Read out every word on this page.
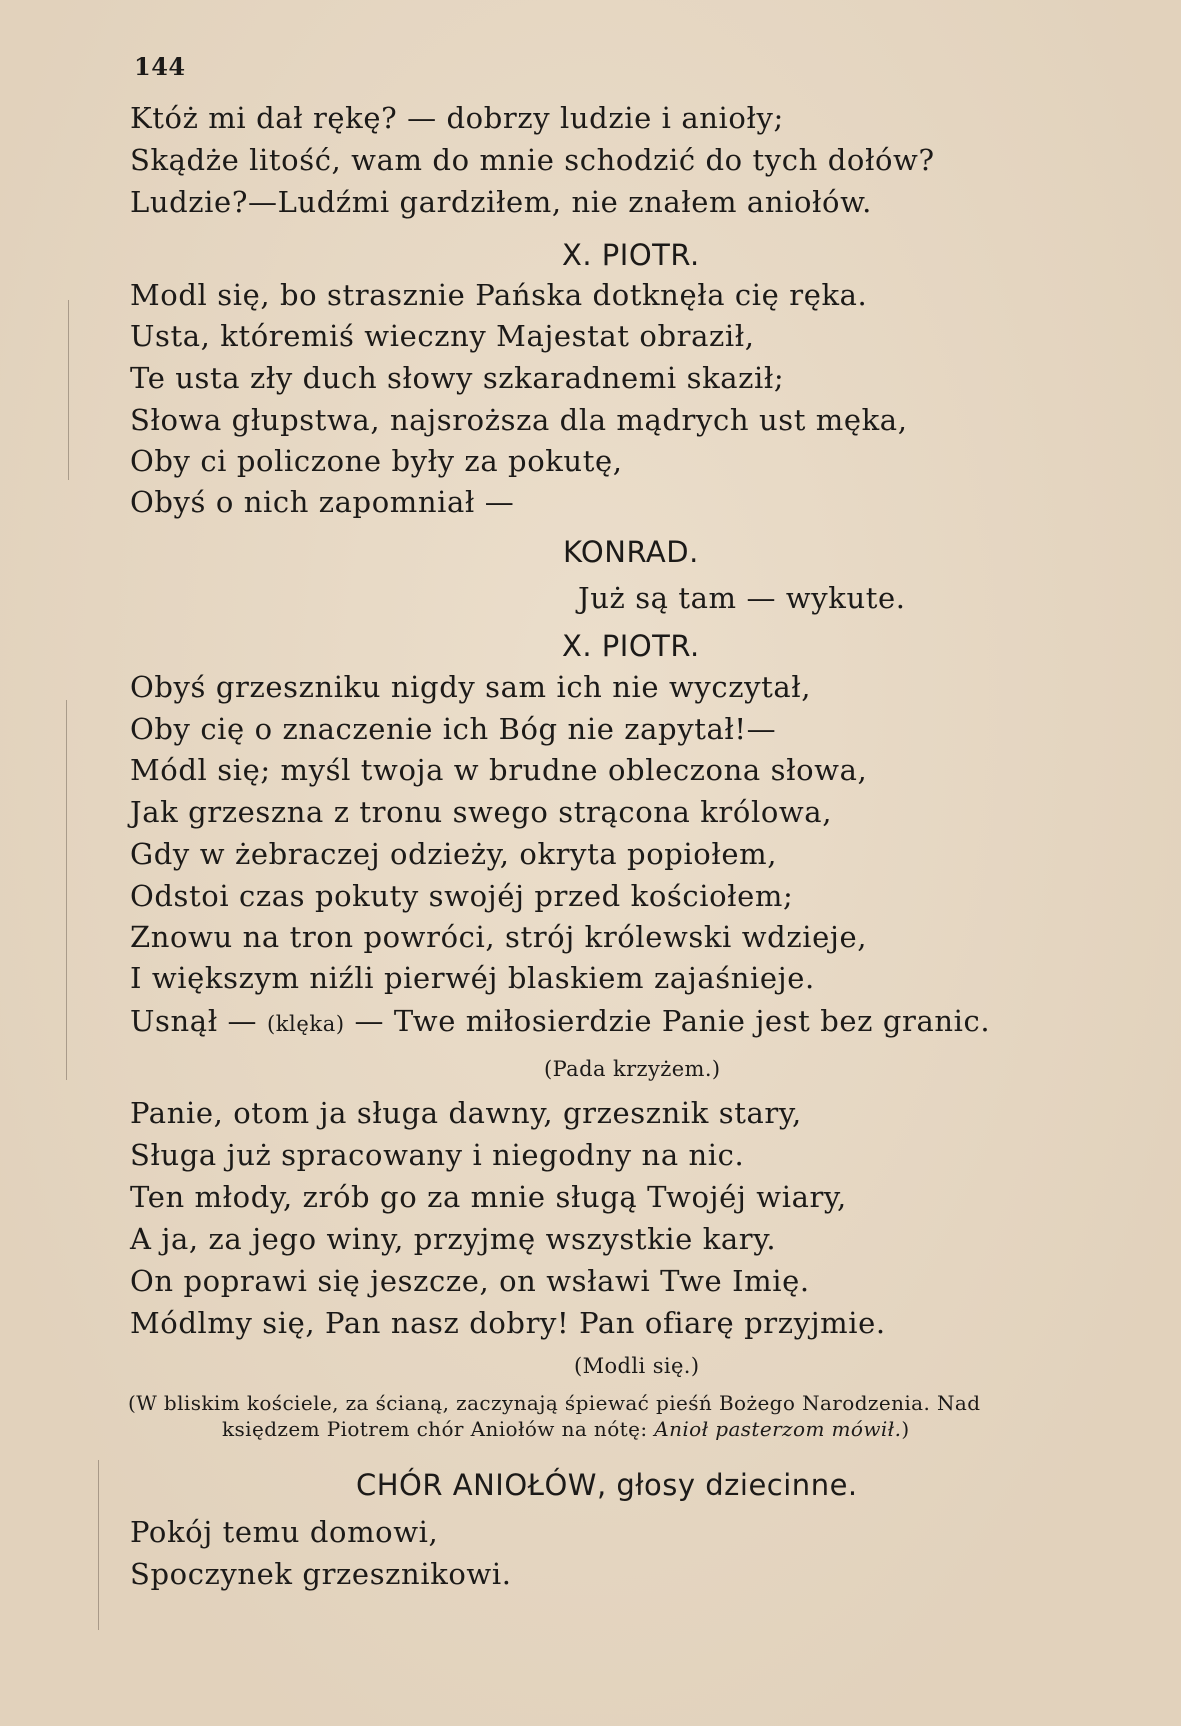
144
Któż mi dał rękę? — dobrzy ludzie i anioły;
Skądże litość, wam do mnie schodzić do tych dołów?
Ludzie?—Ludźmi gardziłem, nie znałem aniołów.
X. PIOTR.
Modl się, bo strasznie Pańska dotknęła cię ręka.
Usta, któremiś wieczny Majestat obraził,
Te usta zły duch słowy szkaradnemi skaził;
Słowa głupstwa, najsroższa dla mądrych ust męka,
Oby ci policzone były za pokutę,
Obyś o nich zapomniał —
KONRAD.
Już są tam — wykute.
X. PIOTR.
Obyś grzeszniku nigdy sam ich nie wyczytał,
Oby cię o znaczenie ich Bóg nie zapytał!—
Módl się; myśl twoja w brudne obleczona słowa,
Jak grzeszna z tronu swego strącona królowa,
Gdy w żebraczej odzieży, okryta popiołem,
Odstoi czas pokuty swojéj przed kościołem;
Znowu na tron powróci, strój królewski wdzieje,
I większym niźli pierwéj blaskiem zajaśnieje.
Usnął — (klęka) — Twe miłosierdzie Panie jest bez granic.
(Pada krzyżem.)
Panie, otom ja sługa dawny, grzesznik stary,
Sługa już spracowany i niegodny na nic.
Ten młody, zrób go za mnie sługą Twojéj wiary,
A ja, za jego winy, przyjmę wszystkie kary.
On poprawi się jeszcze, on wsławi Twe Imię.
Módlmy się, Pan nasz dobry! Pan ofiarę przyjmie.
(Modli się.)
(W bliskim kościele, za ścianą, zaczynają śpiewać pieśń Bożego Narodzenia. Nad
księdzem Piotrem chór Aniołów na nótę: Anioł pasterzom mówił.)
CHÓR ANIOŁÓW, głosy dziecinne.
Pokój temu domowi,
Spoczynek grzesznikowi.
